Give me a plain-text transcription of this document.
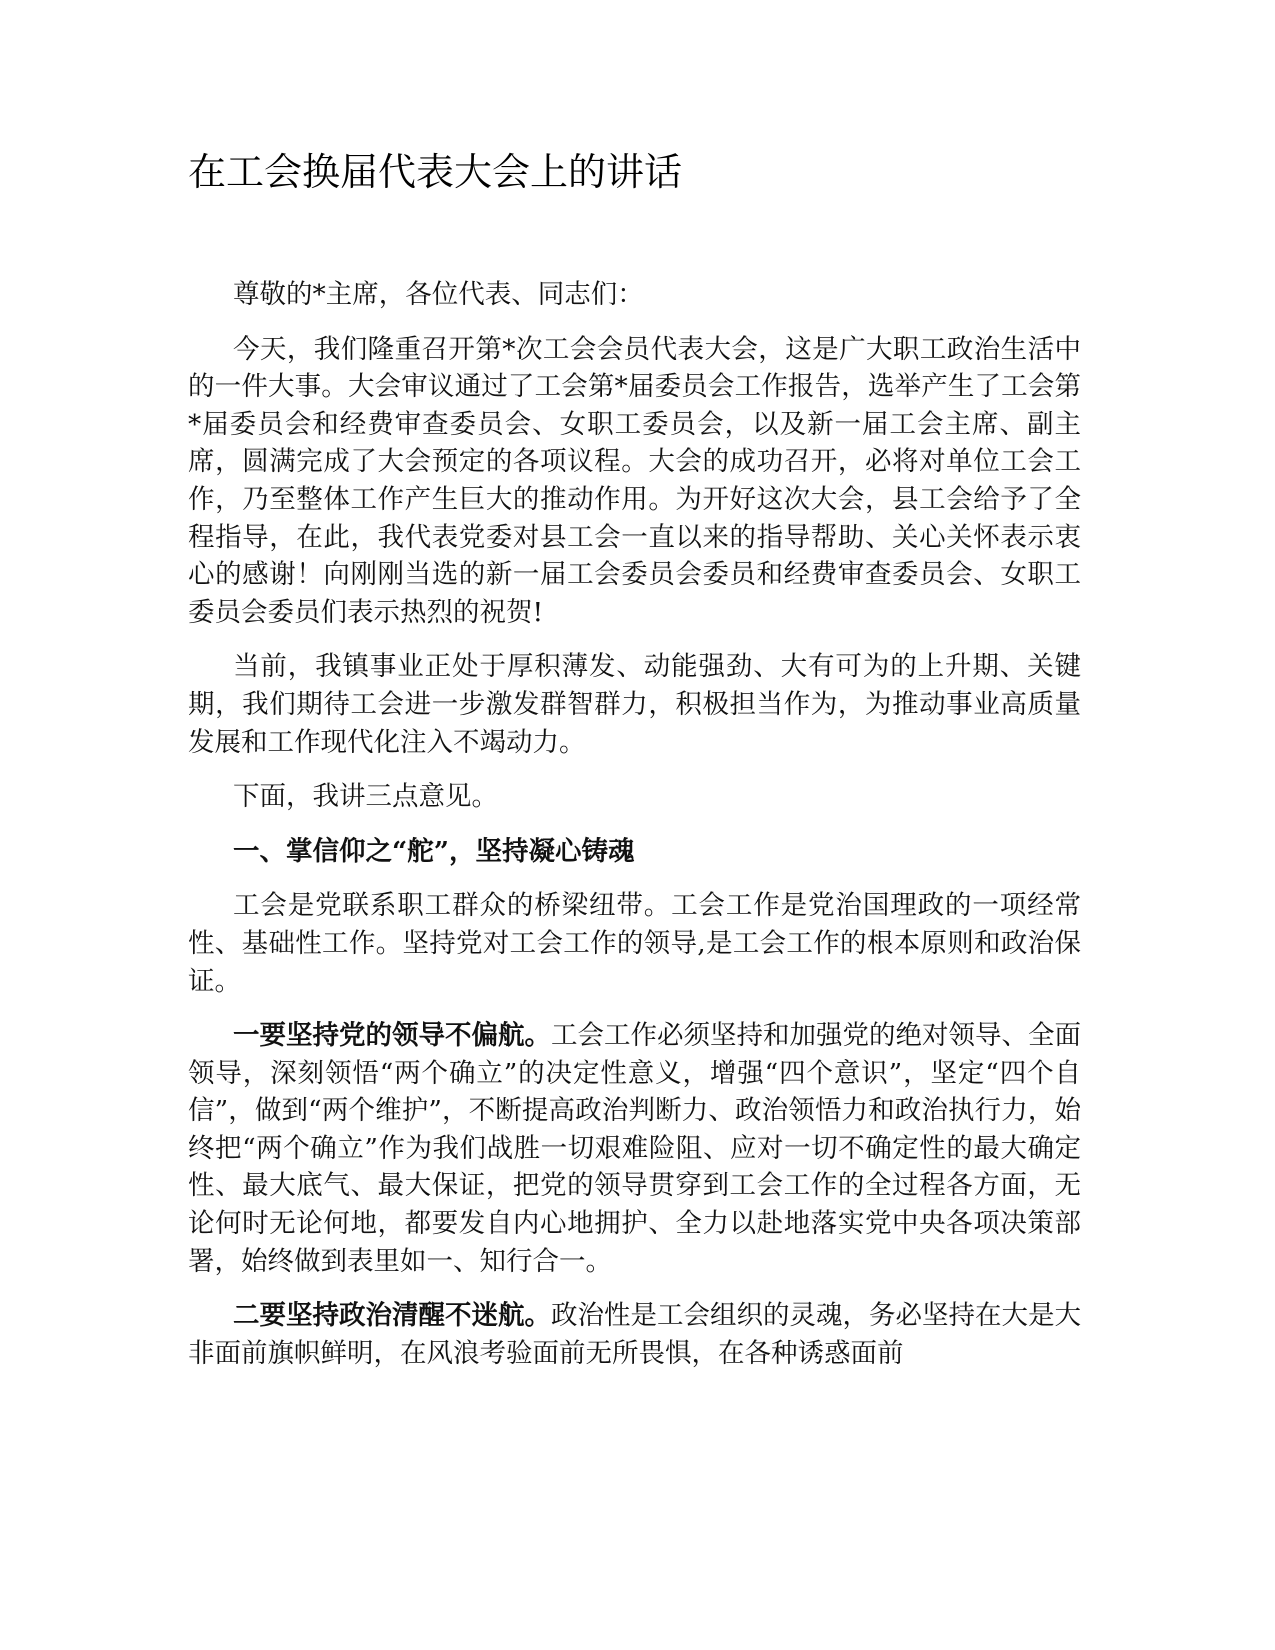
在工会换届代表大会上的讲话

尊敬的*主席，各位代表、同志们：

今天，我们隆重召开第*次工会会员代表大会，这是广大职工政治生活中的一件大事。大会审议通过了工会第*届委员会工作报告，选举产生了工会第*届委员会和经费审查委员会、女职工委员会，以及新一届工会主席、副主席，圆满完成了大会预定的各项议程。大会的成功召开，必将对单位工会工作，乃至整体工作产生巨大的推动作用。为开好这次大会，县工会给予了全程指导，在此，我代表党委对县工会一直以来的指导帮助、关心关怀表示衷心的感谢！向刚刚当选的新一届工会委员会委员和经费审查委员会、女职工委员会委员们表示热烈的祝贺!

当前，我镇事业正处于厚积薄发、动能强劲、大有可为的上升期、关键期，我们期待工会进一步激发群智群力，积极担当作为，为推动事业高质量发展和工作现代化注入不竭动力。

下面，我讲三点意见。

一、掌信仰之“舵”，坚持凝心铸魂

工会是党联系职工群众的桥梁纽带。工会工作是党治国理政的一项经常性、基础性工作。坚持党对工会工作的领导,是工会工作的根本原则和政治保证。

一要坚持党的领导不偏航。工会工作必须坚持和加强党的绝对领导、全面领导，深刻领悟“两个确立”的决定性意义，增强“四个意识”，坚定“四个自信”，做到“两个维护”，不断提高政治判断力、政治领悟力和政治执行力，始终把“两个确立”作为我们战胜一切艰难险阻、应对一切不确定性的最大确定性、最大底气、最大保证，把党的领导贯穿到工会工作的全过程各方面，无论何时无论何地，都要发自内心地拥护、全力以赴地落实党中央各项决策部署，始终做到表里如一、知行合一。

二要坚持政治清醒不迷航。政治性是工会组织的灵魂，务必坚持在大是大非面前旗帜鲜明，在风浪考验面前无所畏惧，在各种诱惑面前
